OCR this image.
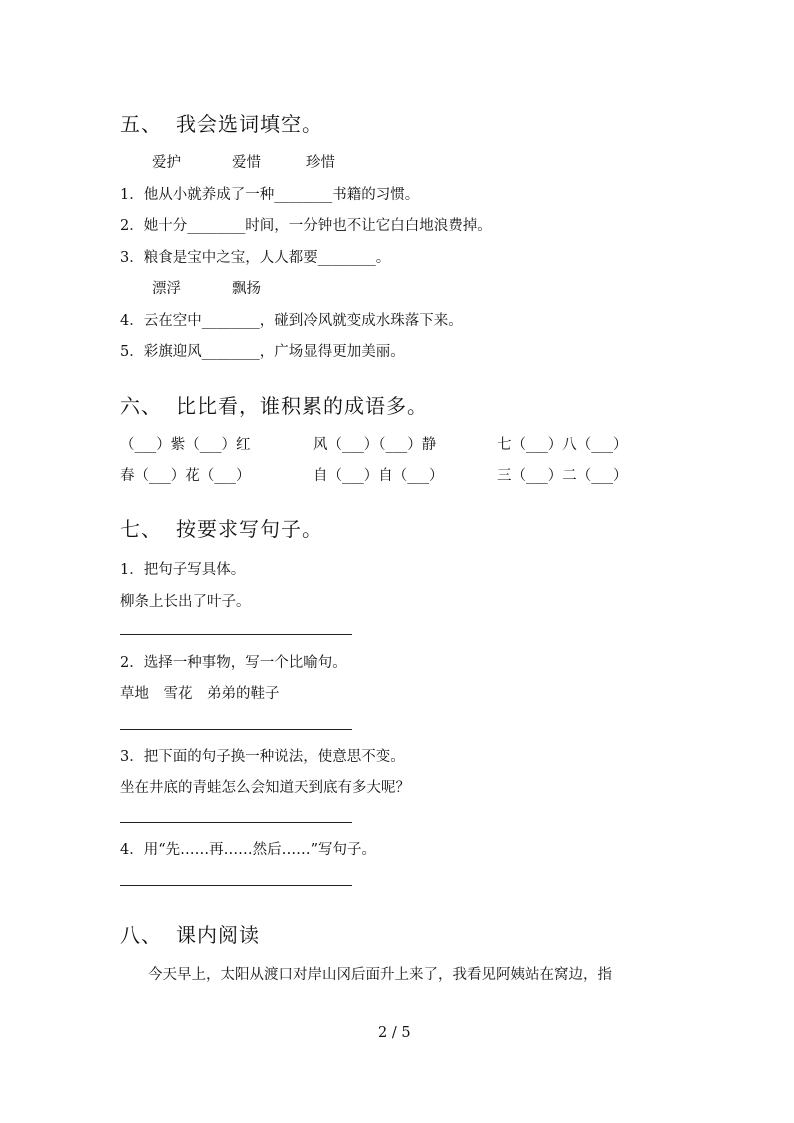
五、 我会选词填空。
爱护	爱惜	珍惜
1．他从小就养成了一种________书籍的习惯。
2．她十分________时间，一分钟也不让它白白地浪费掉。
3．粮食是宝中之宝，人人都要________。
漂浮	飘扬
4．云在空中________，碰到冷风就变成水珠落下来。
5．彩旗迎风________，广场显得更加美丽。
六、 比比看，谁积累的成语多。
（___）紫（___）红	风（___）（___）静	七（___）八（___）
春（___）花（___）	自（___）自（___）	三（___）二（___）
七、 按要求写句子。
1．把句子写具体。
柳条上长出了叶子。
2．选择一种事物，写一个比喻句。
草地　雪花　弟弟的鞋子
3．把下面的句子换一种说法，使意思不变。
坐在井底的青蛙怎么会知道天到底有多大呢？
4．用“先……再……然后……”写句子。
八、 课内阅读
今天早上，太阳从渡口对岸山冈后面升上来了，我看见阿姨站在窝边，指
2 / 5
